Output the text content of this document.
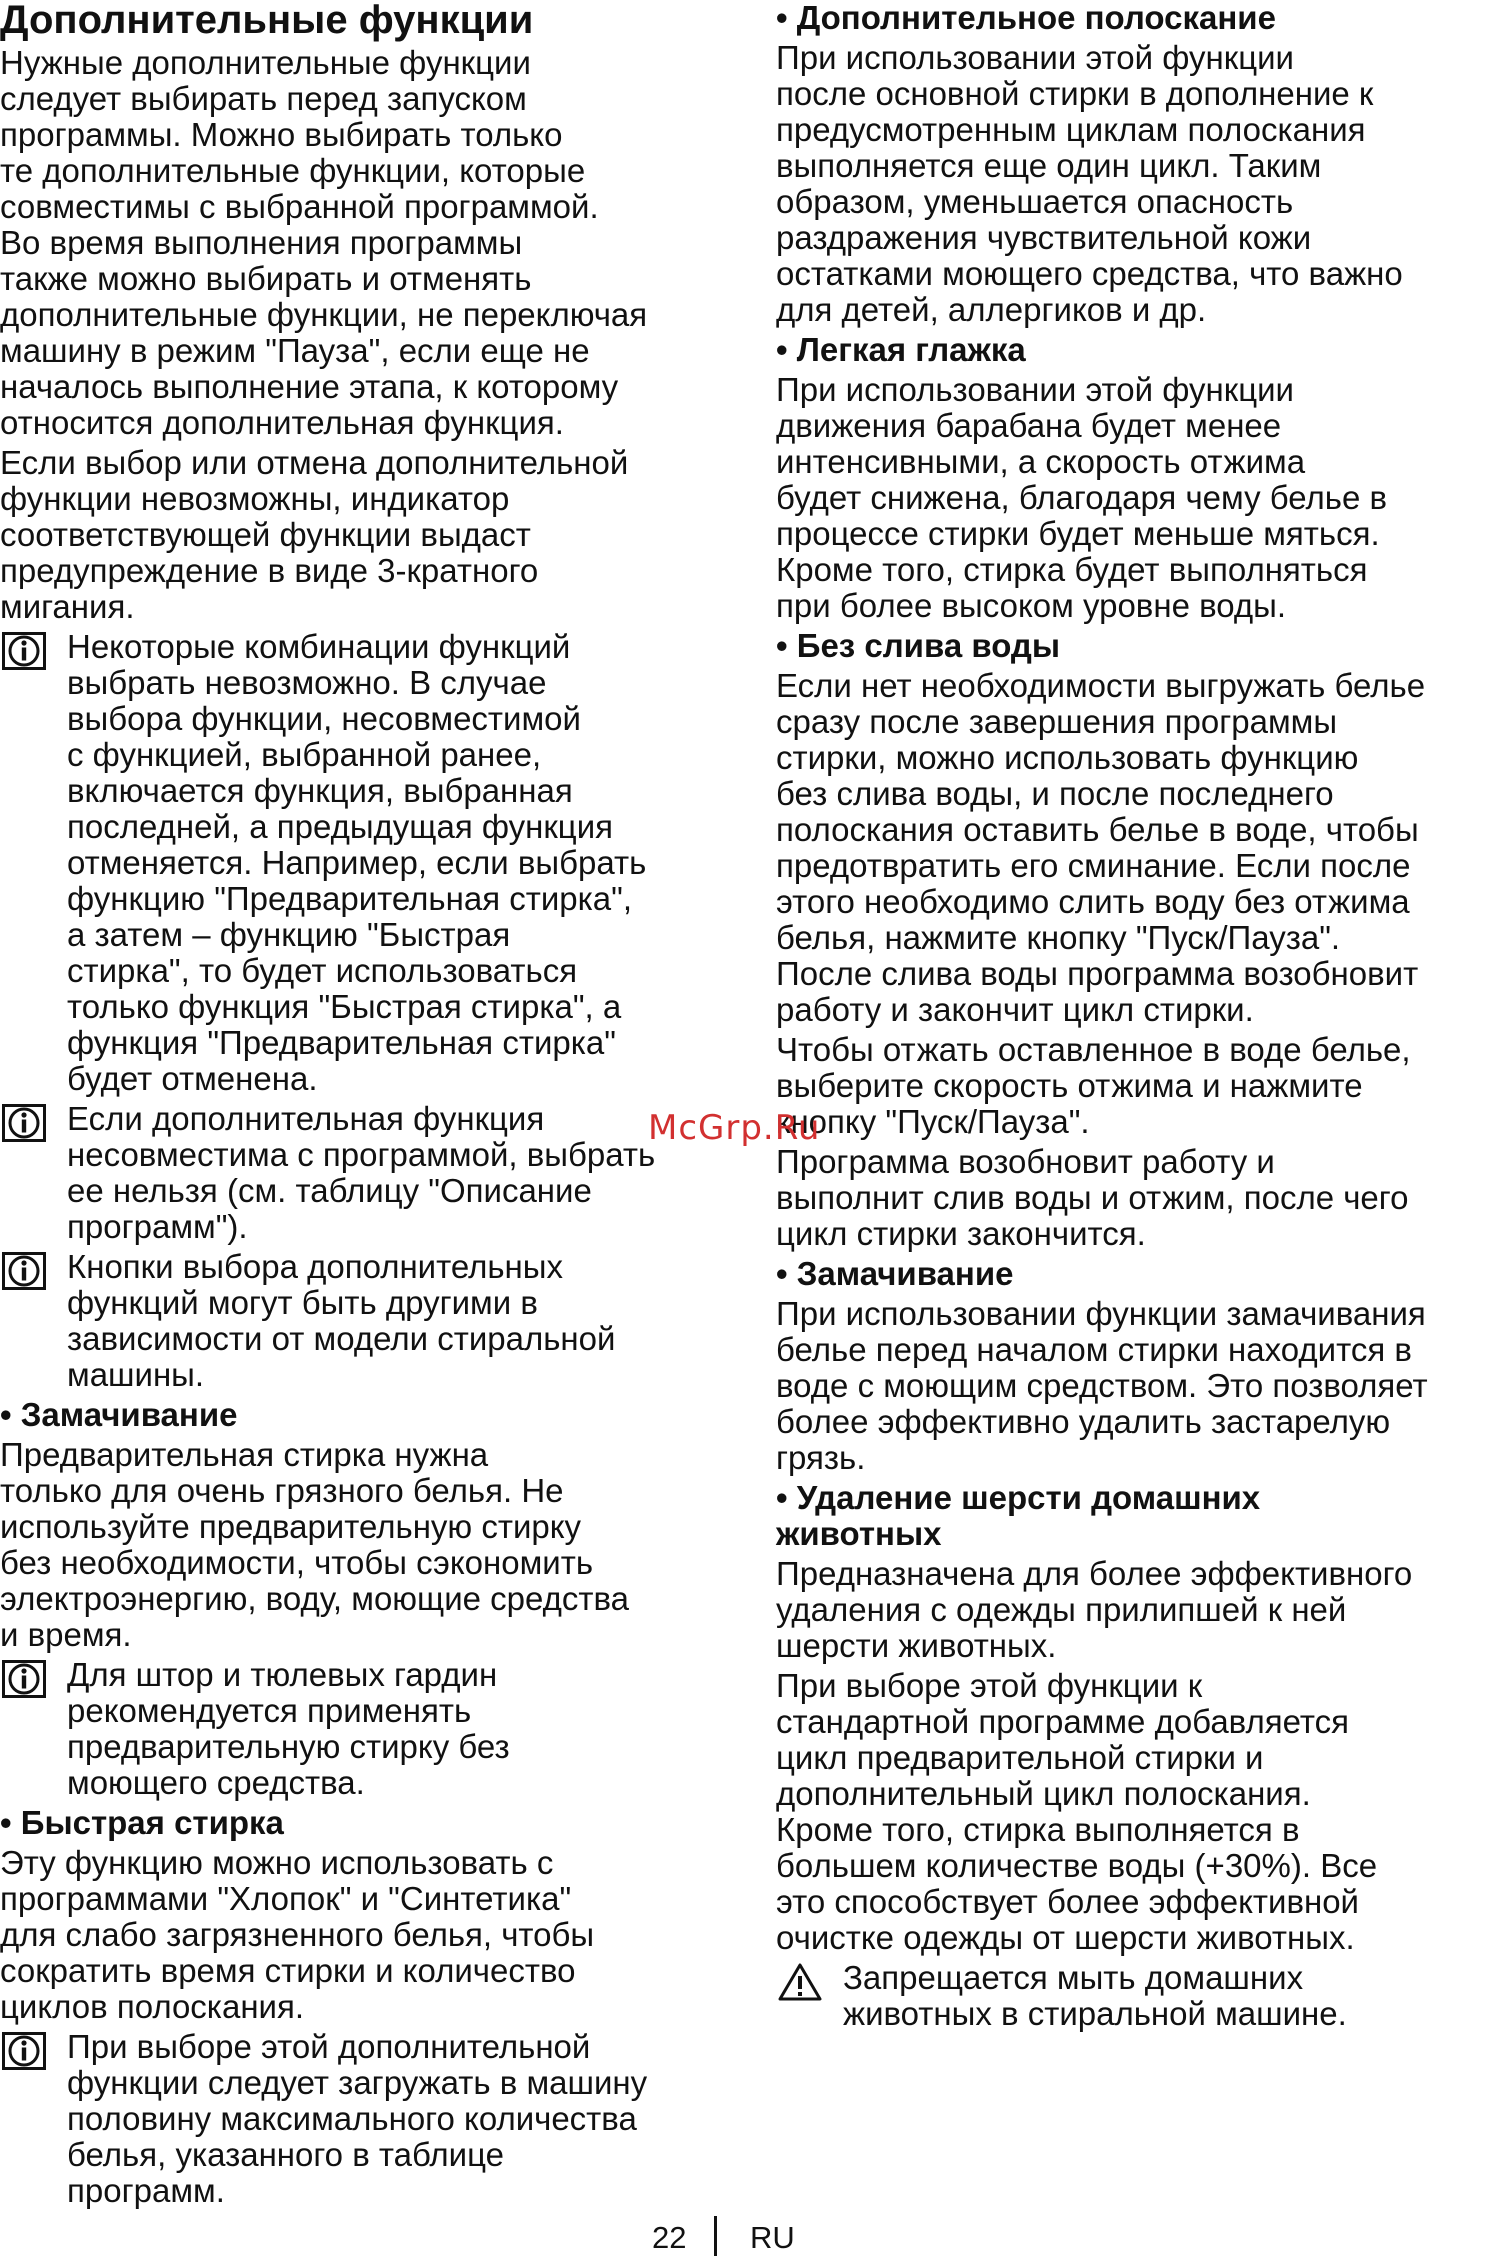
Дополнительные функции
Нужные дополнительные функции
следует выбирать перед запуском
программы. Можно выбирать только
те дополнительные функции, которые
совместимы с выбранной программой.
Во время выполнения программы
также можно выбирать и отменять
дополнительные функции, не переключая
машину в режим "Пауза", если еще не
началось выполнение этапа, к которому
относится дополнительная функция.
Если выбор или отмена дополнительной
функции невозможны, индикатор
соответствующей функции выдаст
предупреждение в виде 3-кратного
мигания.
Некоторые комбинации функций
выбрать невозможно. В случае
выбора функции, несовместимой
с функцией, выбранной ранее,
включается функция, выбранная
последней, а предыдущая функция
отменяется. Например, если выбрать
функцию "Предварительная стирка",
а затем – функцию "Быстрая
стирка", то будет использоваться
только функция "Быстрая стирка", а
функция "Предварительная стирка"
будет отменена.
Если дополнительная функция
несовместима с программой, выбрать
ее нельзя (см. таблицу "Описание
программ").
Кнопки выбора дополнительных
функций могут быть другими в
зависимости от модели стиральной
машины.
• Замачивание
Предварительная стирка нужна
только для очень грязного белья. Не
используйте предварительную стирку
без необходимости, чтобы сэкономить
электроэнергию, воду, моющие средства
и время.
Для штор и тюлевых гардин
рекомендуется применять
предварительную стирку без
моющего средства.
• Быстрая стирка
Эту функцию можно использовать с
программами "Хлопок" и "Синтетика"
для слабо загрязненного белья, чтобы
сократить время стирки и количество
циклов полоскания.
При выборе этой дополнительной
функции следует загружать в машину
половину максимального количества
белья, указанного в таблице
программ.
• Дополнительное полоскание
При использовании этой функции
после основной стирки в дополнение к
предусмотренным циклам полоскания
выполняется еще один цикл. Таким
образом, уменьшается опасность
раздражения чувствительной кожи
остатками моющего средства, что важно
для детей, аллергиков и др.
• Легкая глажка
При использовании этой функции
движения барабана будет менее
интенсивными, а скорость отжима
будет снижена, благодаря чему белье в
процессе стирки будет меньше мяться.
Кроме того, стирка будет выполняться
при более высоком уровне воды.
• Без слива воды
Если нет необходимости выгружать белье
сразу после завершения программы
стирки, можно использовать функцию
без слива воды, и после последнего
полоскания оставить белье в воде, чтобы
предотвратить его сминание. Если после
этого необходимо слить воду без отжима
белья, нажмите кнопку "Пуск/Пауза".
После слива воды программа возобновит
работу и закончит цикл стирки.
Чтобы отжать оставленное в воде белье,
выберите скорость отжима и нажмите
кнопку "Пуск/Пауза".
Программа возобновит работу и
выполнит слив воды и отжим, после чего
цикл стирки закончится.
• Замачивание
При использовании функции замачивания
белье перед началом стирки находится в
воде с моющим средством. Это позволяет
более эффективно удалить застарелую
грязь.
• Удаление шерсти домашних
животных
Предназначена для более эффективного
удаления с одежды прилипшей к ней
шерсти животных.
При выборе этой функции к
стандартной программе добавляется
цикл предварительной стирки и
дополнительный цикл полоскания.
Кроме того, стирка выполняется в
большем количестве воды (+30%). Все
это способствует более эффективной
очистке одежды от шерсти животных.
Запрещается мыть домашних
животных в стиральной машине.
McGrp.Ru
22 RU
